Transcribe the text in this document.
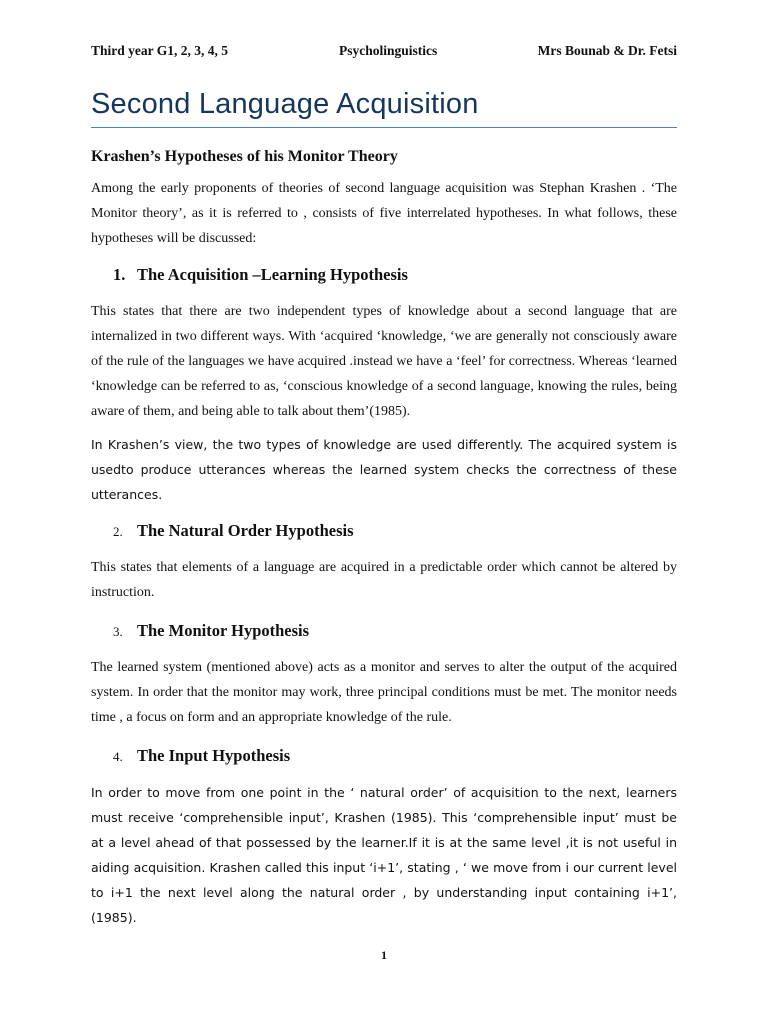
Third year G1, 2, 3, 4, 5	Psycholinguistics	Mrs Bounab & Dr. Fetsi
Second Language Acquisition
Krashen’s Hypotheses of his Monitor Theory

Among the early proponents of theories of second language acquisition was Stephan Krashen . ‘The Monitor theory’, as it is referred to , consists of five interrelated hypotheses. In what follows, these hypotheses will be discussed:

1. The Acquisition –Learning Hypothesis

This states that there are two independent types of knowledge about a second language that are internalized in two different ways. With ‘acquired ‘knowledge, ‘we are generally not consciously aware of the rule of the languages we have acquired .instead we have a ‘feel’ for correctness. Whereas ‘learned ‘knowledge can be referred to as, ‘conscious knowledge of a second language, knowing the rules, being aware of them, and being able to talk about them’(1985).

In Krashen’s view, the two types of knowledge are used differently. The acquired system is usedto produce utterances whereas the learned system checks the correctness of these utterances.

2. The Natural Order Hypothesis

This states that elements of a language are acquired in a predictable order which cannot be altered by instruction.

3. The Monitor Hypothesis

The learned system (mentioned above) acts as a monitor and serves to alter the output of the acquired system. In order that the monitor may work, three principal conditions must be met. The monitor needs time , a focus on form and an appropriate knowledge of the rule.

4. The Input Hypothesis

In order to move from one point in the ‘ natural order’ of acquisition to the next, learners must receive ‘comprehensible input’, Krashen (1985). This ‘comprehensible input’ must be at a level ahead of that possessed by the learner.If it is at the same level ,it is not useful in aiding acquisition. Krashen called this input ‘i+1’, stating , ‘ we move from i our current level to i+1 the next level along the natural order , by understanding input containing i+1’, (1985).

1
